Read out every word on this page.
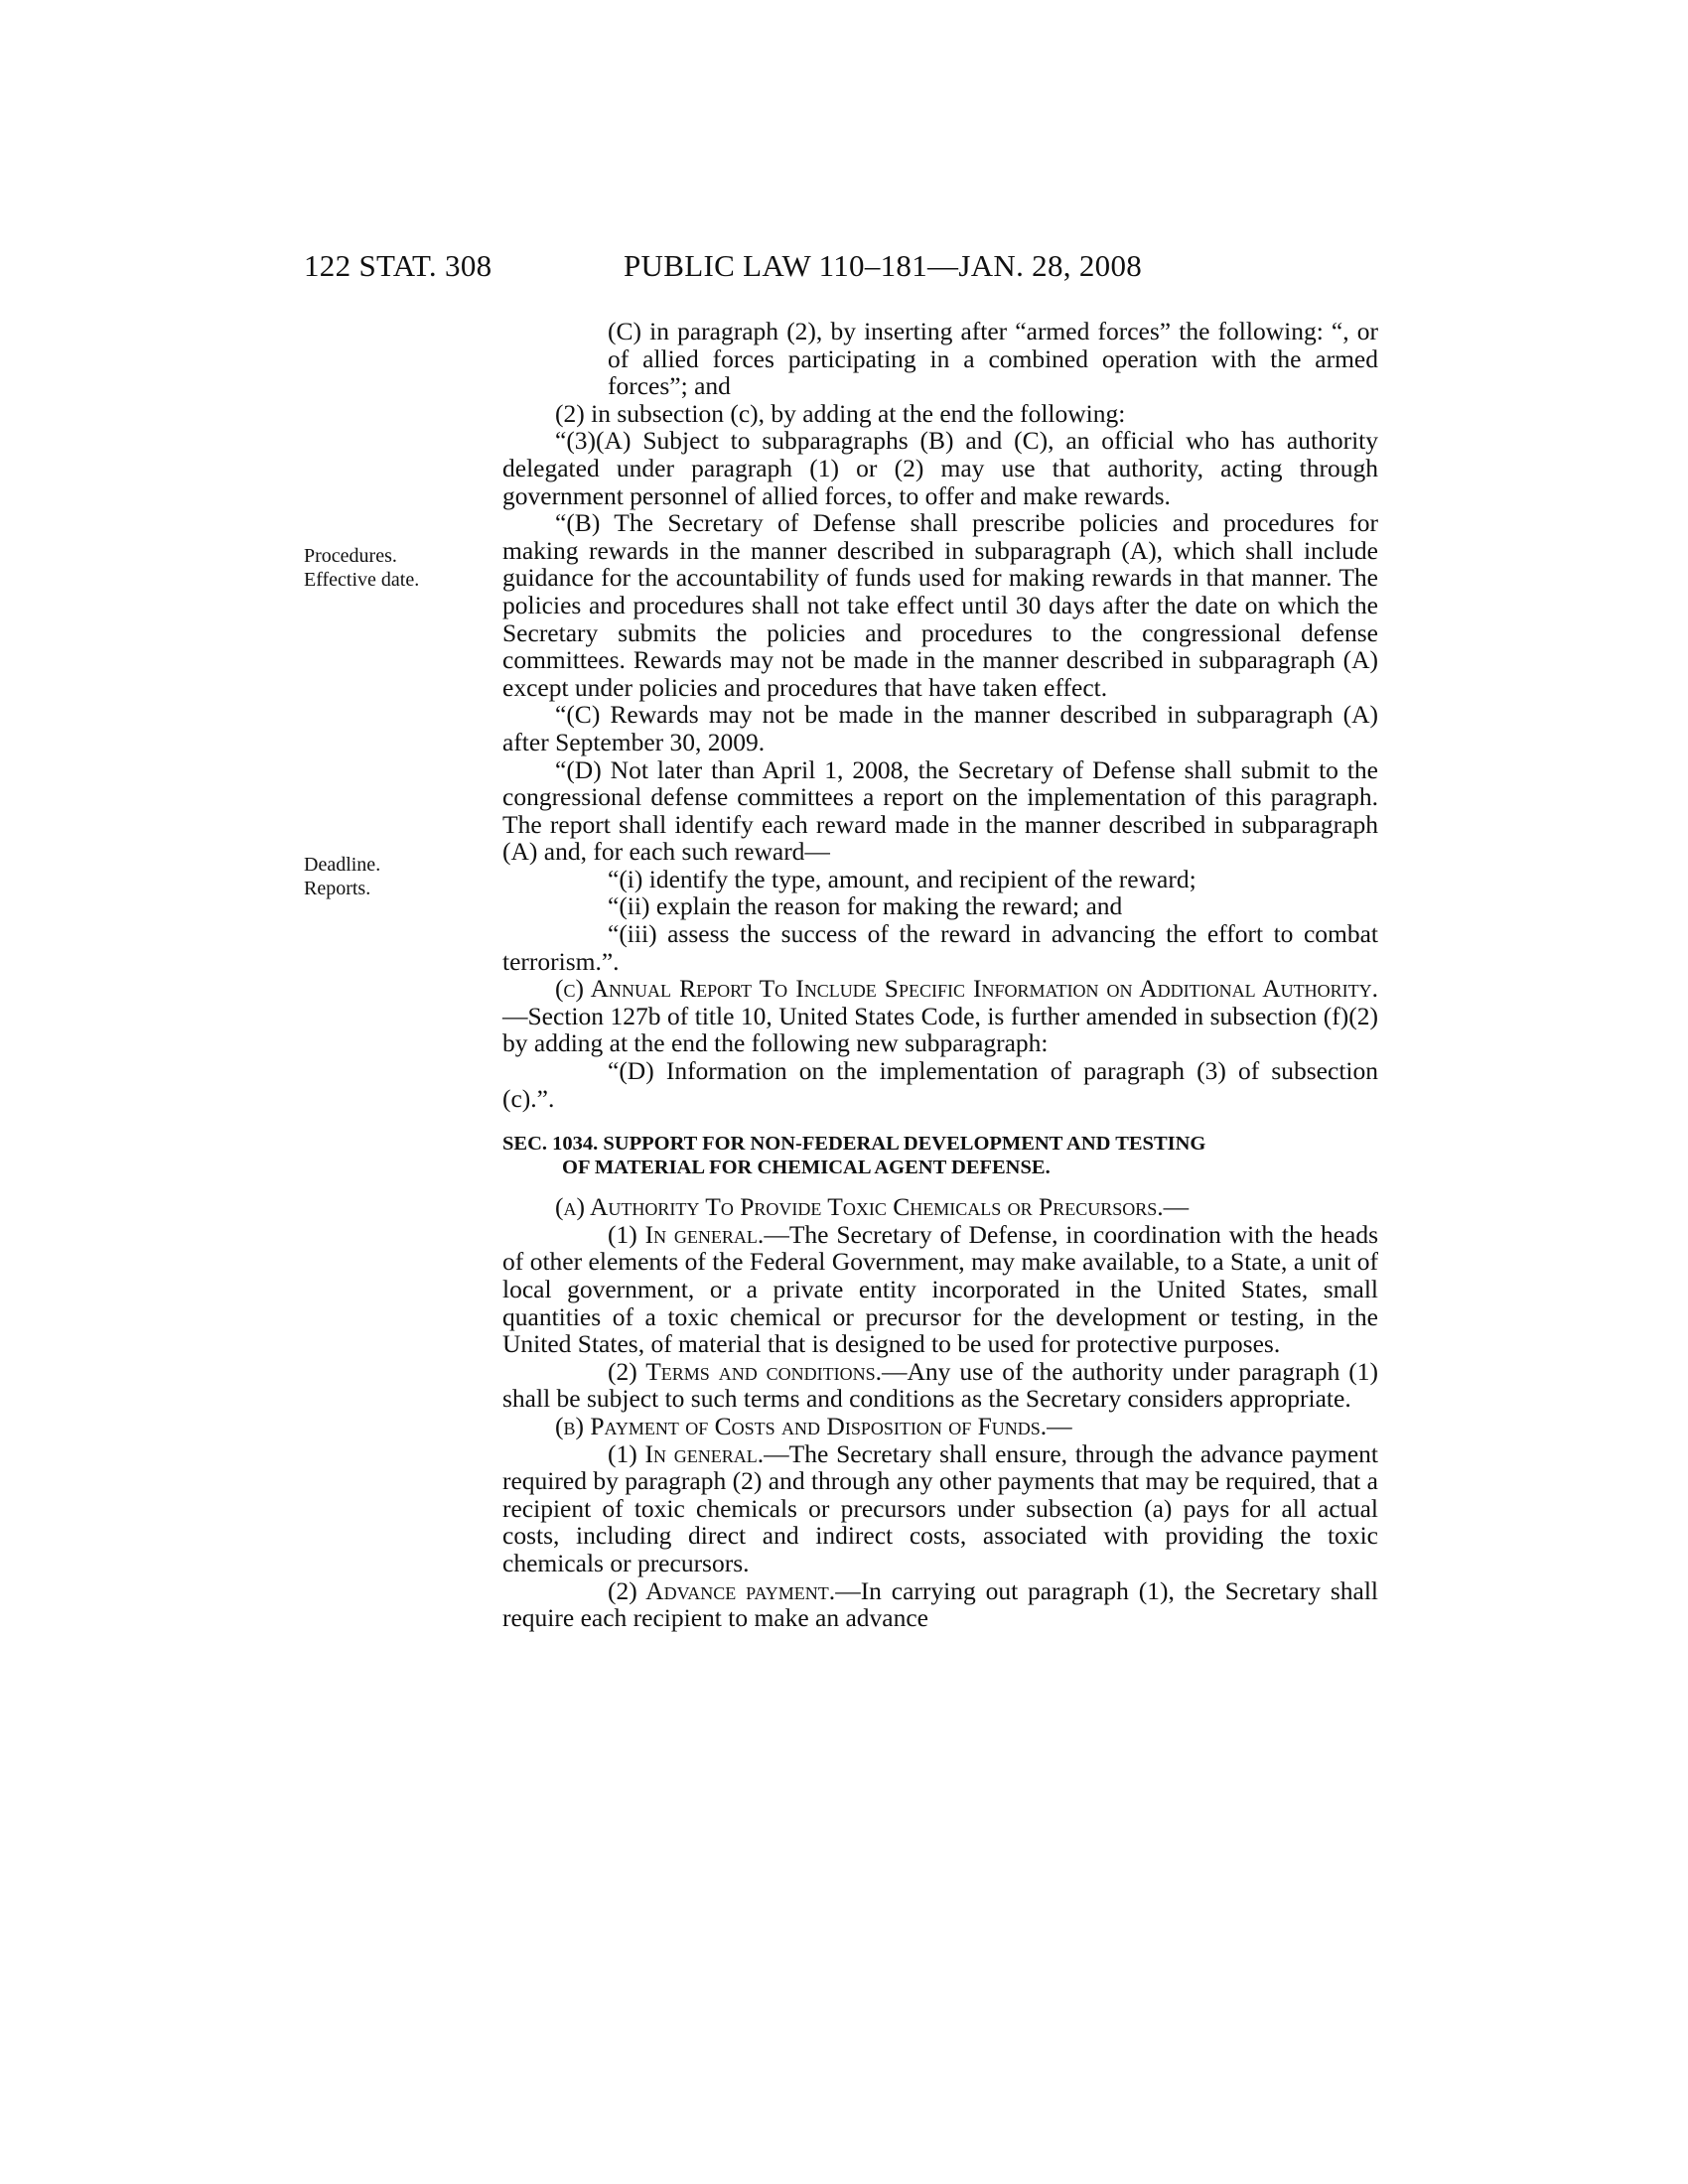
122 STAT. 308	PUBLIC LAW 110–181—JAN. 28, 2008
Procedures.
Effective date.
Deadline.
Reports.

(C) in paragraph (2), by inserting after “armed forces” the following: “, or of allied forces participating in a combined operation with the armed forces”; and

(2) in subsection (c), by adding at the end the following:

“(3)(A) Subject to subparagraphs (B) and (C), an official who has authority delegated under paragraph (1) or (2) may use that authority, acting through government personnel of allied forces, to offer and make rewards.

“(B) The Secretary of Defense shall prescribe policies and procedures for making rewards in the manner described in subparagraph (A), which shall include guidance for the accountability of funds used for making rewards in that manner. The policies and procedures shall not take effect until 30 days after the date on which the Secretary submits the policies and procedures to the congressional defense committees. Rewards may not be made in the manner described in subparagraph (A) except under policies and procedures that have taken effect.

“(C) Rewards may not be made in the manner described in subparagraph (A) after September 30, 2009.

“(D) Not later than April 1, 2008, the Secretary of Defense shall submit to the congressional defense committees a report on the implementation of this paragraph. The report shall identify each reward made in the manner described in subparagraph (A) and, for each such reward—

“(i) identify the type, amount, and recipient of the reward;

“(ii) explain the reason for making the reward; and

“(iii) assess the success of the reward in advancing the effort to combat terrorism.”.

(c) Annual Report To Include Specific Information on Additional Authority.—Section 127b of title 10, United States Code, is further amended in subsection (f)(2) by adding at the end the following new subparagraph:

“(D) Information on the implementation of paragraph (3) of subsection (c).”.

SEC. 1034. SUPPORT FOR NON-FEDERAL DEVELOPMENT AND TESTING
OF MATERIAL FOR CHEMICAL AGENT DEFENSE.

(a) Authority To Provide Toxic Chemicals or Precursors.—

(1) In general.—The Secretary of Defense, in coordination with the heads of other elements of the Federal Government, may make available, to a State, a unit of local government, or a private entity incorporated in the United States, small quantities of a toxic chemical or precursor for the development or testing, in the United States, of material that is designed to be used for protective purposes.

(2) Terms and conditions.—Any use of the authority under paragraph (1) shall be subject to such terms and conditions as the Secretary considers appropriate.

(b) Payment of Costs and Disposition of Funds.—

(1) In general.—The Secretary shall ensure, through the advance payment required by paragraph (2) and through any other payments that may be required, that a recipient of toxic chemicals or precursors under subsection (a) pays for all actual costs, including direct and indirect costs, associated with providing the toxic chemicals or precursors.

(2) Advance payment.—In carrying out paragraph (1), the Secretary shall require each recipient to make an advance
